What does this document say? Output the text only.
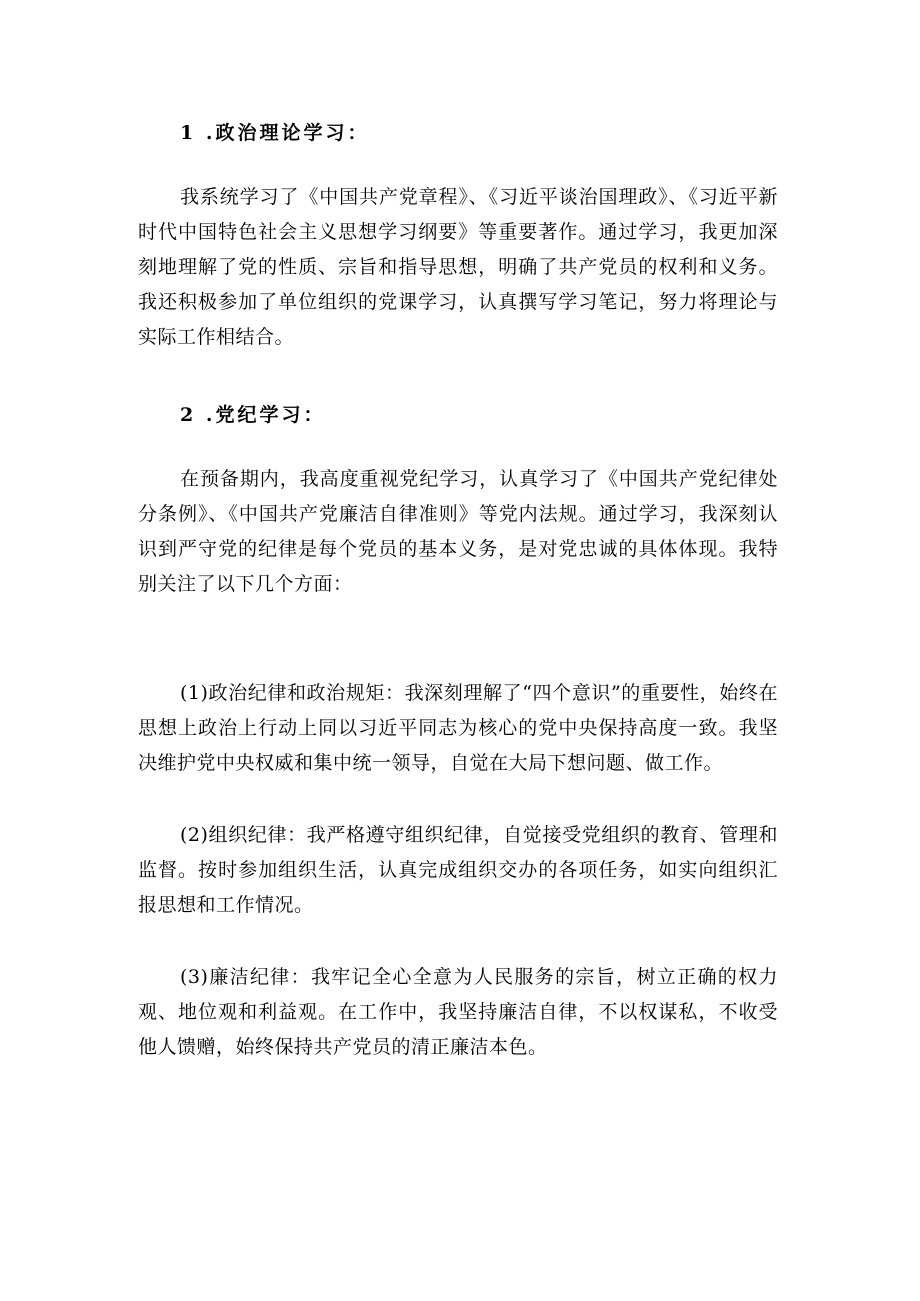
1 .政治理论学习：
我系统学习了《中国共产党章程》、《习近平谈治国理政》、《习近平新时代中国特色社会主义思想学习纲要》等重要著作。通过学习，我更加深刻地理解了党的性质、宗旨和指导思想，明确了共产党员的权利和义务。我还积极参加了单位组织的党课学习，认真撰写学习笔记，努力将理论与实际工作相结合。
2 .党纪学习：
在预备期内，我高度重视党纪学习，认真学习了《中国共产党纪律处分条例》、《中国共产党廉洁自律准则》等党内法规。通过学习，我深刻认识到严守党的纪律是每个党员的基本义务，是对党忠诚的具体体现。我特别关注了以下几个方面：
(1)政治纪律和政治规矩：我深刻理解了“四个意识”的重要性，始终在思想上政治上行动上同以习近平同志为核心的党中央保持高度一致。我坚决维护党中央权威和集中统一领导，自觉在大局下想问题、做工作。
(2)组织纪律：我严格遵守组织纪律，自觉接受党组织的教育、管理和监督。按时参加组织生活，认真完成组织交办的各项任务，如实向组织汇报思想和工作情况。
(3)廉洁纪律：我牢记全心全意为人民服务的宗旨，树立正确的权力观、地位观和利益观。在工作中，我坚持廉洁自律，不以权谋私，不收受他人馈赠，始终保持共产党员的清正廉洁本色。
